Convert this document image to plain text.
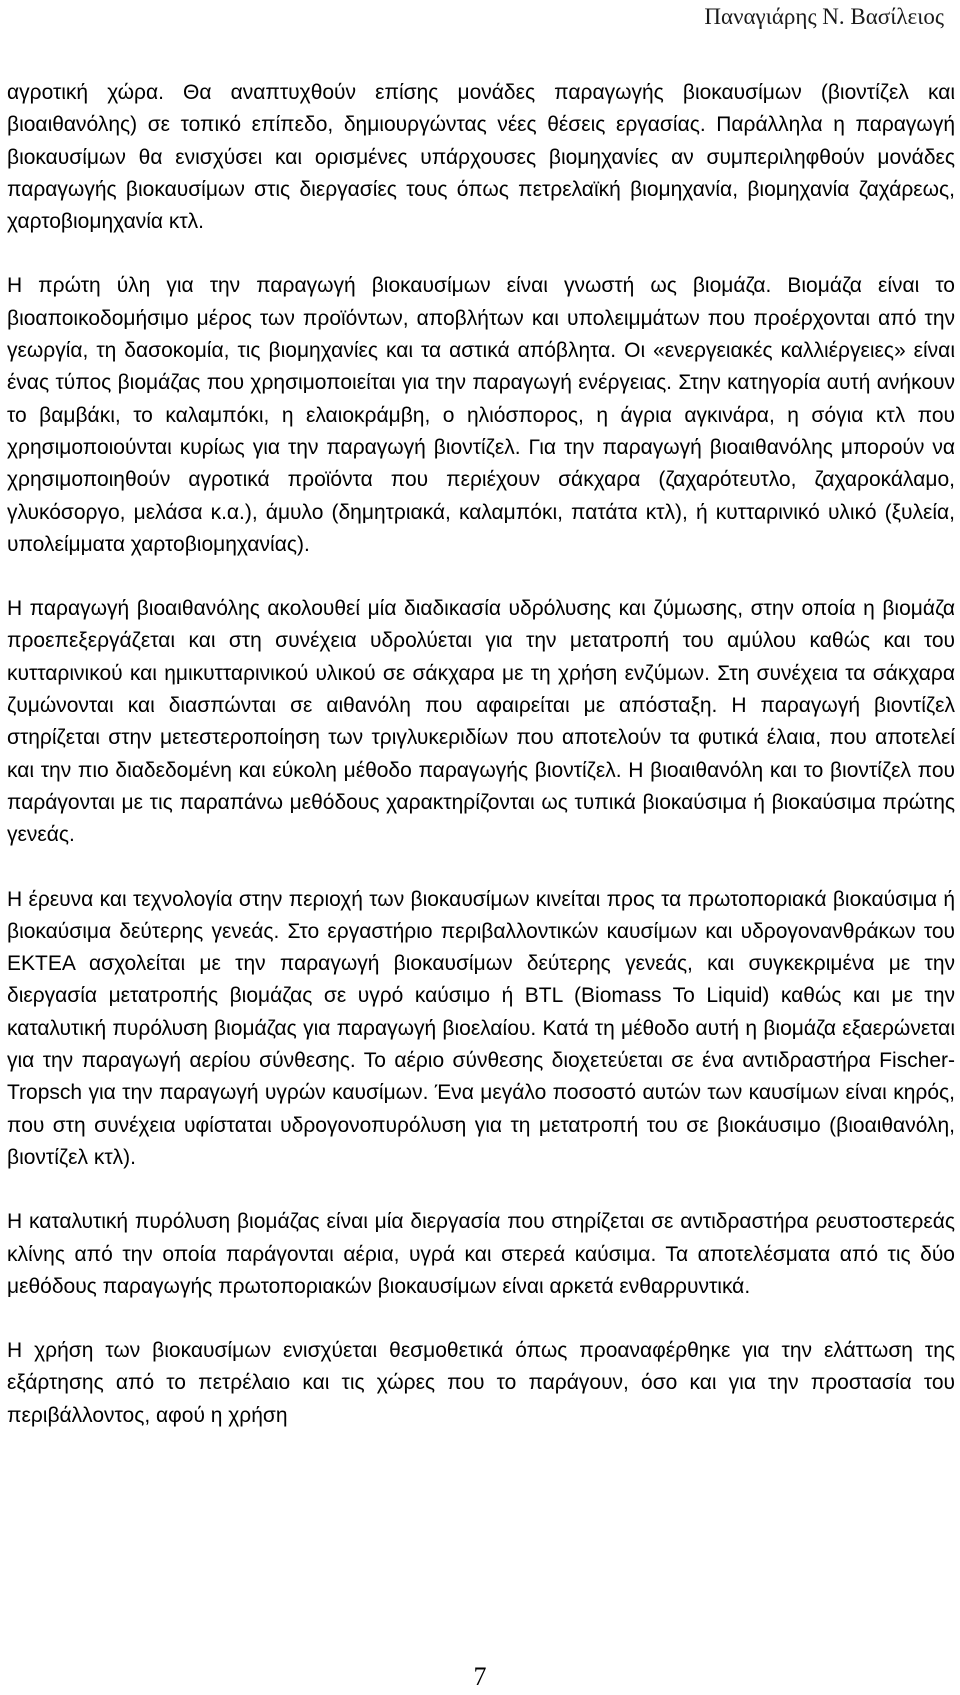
Παναγιάρης Ν. Βασίλειος

αγροτική χώρα. Θα αναπτυχθούν επίσης μονάδες παραγωγής βιοκαυσίμων (βιοντίζελ και βιοαιθανόλης) σε τοπικό επίπεδο, δημιουργώντας νέες θέσεις εργασίας. Παράλληλα η παραγωγή βιοκαυσίμων θα ενισχύσει και ορισμένες υπάρχουσες βιομηχανίες αν συμπεριληφθούν μονάδες παραγωγής βιοκαυσίμων στις διεργασίες τους όπως πετρελαϊκή βιομηχανία, βιομηχανία ζαχάρεως, χαρτοβιομηχανία κτλ.

Η πρώτη ύλη για την παραγωγή βιοκαυσίμων είναι γνωστή ως βιομάζα. Βιομάζα είναι το βιοαποικοδομήσιμο μέρος των προϊόντων, αποβλήτων και υπολειμμάτων που προέρχονται από την γεωργία, τη δασοκομία, τις βιομηχανίες και τα αστικά απόβλητα. Οι «ενεργειακές καλλιέργειες» είναι ένας τύπος βιομάζας που χρησιμοποιείται για την παραγωγή ενέργειας. Στην κατηγορία αυτή ανήκουν το βαμβάκι, το καλαμπόκι, η ελαιοκράμβη, ο ηλιόσπορος, η άγρια αγκινάρα, η σόγια κτλ που χρησιμοποιούνται κυρίως για την παραγωγή βιοντίζελ. Για την παραγωγή βιοαιθανόλης μπορούν να χρησιμοποιηθούν αγροτικά προϊόντα που περιέχουν σάκχαρα (ζαχαρότευτλο, ζαχαροκάλαμο, γλυκόσοργο, μελάσα κ.α.), άμυλο (δημητριακά, καλαμπόκι, πατάτα κτλ), ή κυτταρινικό υλικό (ξυλεία, υπολείμματα χαρτοβιομηχανίας).

Η παραγωγή βιοαιθανόλης ακολουθεί μία διαδικασία υδρόλυσης και ζύμωσης, στην οποία η βιομάζα προεπεξεργάζεται και στη συνέχεια υδρολύεται για την μετατροπή του αμύλου καθώς και του κυτταρινικού και ημικυτταρινικού υλικού σε σάκχαρα με τη χρήση ενζύμων. Στη συνέχεια τα σάκχαρα ζυμώνονται και διασπώνται σε αιθανόλη που αφαιρείται με απόσταξη. Η παραγωγή βιοντίζελ στηρίζεται στην μετεστεροποίηση των τριγλυκεριδίων που αποτελούν τα φυτικά έλαια, που αποτελεί και την πιο διαδεδομένη και εύκολη μέθοδο παραγωγής βιοντίζελ. Η βιοαιθανόλη και το βιοντίζελ που παράγονται με τις παραπάνω μεθόδους χαρακτηρίζονται ως τυπικά βιοκαύσιμα ή βιοκαύσιμα πρώτης γενεάς.

Η έρευνα και τεχνολογία στην περιοχή των βιοκαυσίμων κινείται προς τα πρωτοποριακά βιοκαύσιμα ή βιοκαύσιμα δεύτερης γενεάς. Στο εργαστήριο περιβαλλοντικών καυσίμων και υδρογονανθράκων του ΕΚΤΕΑ ασχολείται με την παραγωγή βιοκαυσίμων δεύτερης γενεάς, και συγκεκριμένα με την διεργασία μετατροπής βιομάζας σε υγρό καύσιμο ή BTL (Biomass To Liquid) καθώς και με την καταλυτική πυρόλυση βιομάζας για παραγωγή βιοελαίου. Κατά τη μέθοδο αυτή η βιομάζα εξαερώνεται για την παραγωγή αερίου σύνθεσης. Το αέριο σύνθεσης διοχετεύεται σε ένα αντιδραστήρα Fischer-Tropsch για την παραγωγή υγρών καυσίμων. Ένα μεγάλο ποσοστό αυτών των καυσίμων είναι κηρός, που στη συνέχεια υφίσταται υδρογονοπυρόλυση για τη μετατροπή του σε βιοκάυσιμο (βιοαιθανόλη, βιοντίζελ κτλ).

Η καταλυτική πυρόλυση βιομάζας είναι μία διεργασία που στηρίζεται σε αντιδραστήρα ρευστοστερεάς κλίνης από την οποία παράγονται αέρια, υγρά και στερεά καύσιμα. Τα αποτελέσματα από τις δύο μεθόδους παραγωγής πρωτοποριακών βιοκαυσίμων είναι αρκετά ενθαρρυντικά.

Η χρήση των βιοκαυσίμων ενισχύεται θεσμοθετικά όπως προαναφέρθηκε για την ελάττωση της εξάρτησης από το πετρέλαιο και τις χώρες που το παράγουν, όσο και για την προστασία του περιβάλλοντος, αφού η χρήση

7
